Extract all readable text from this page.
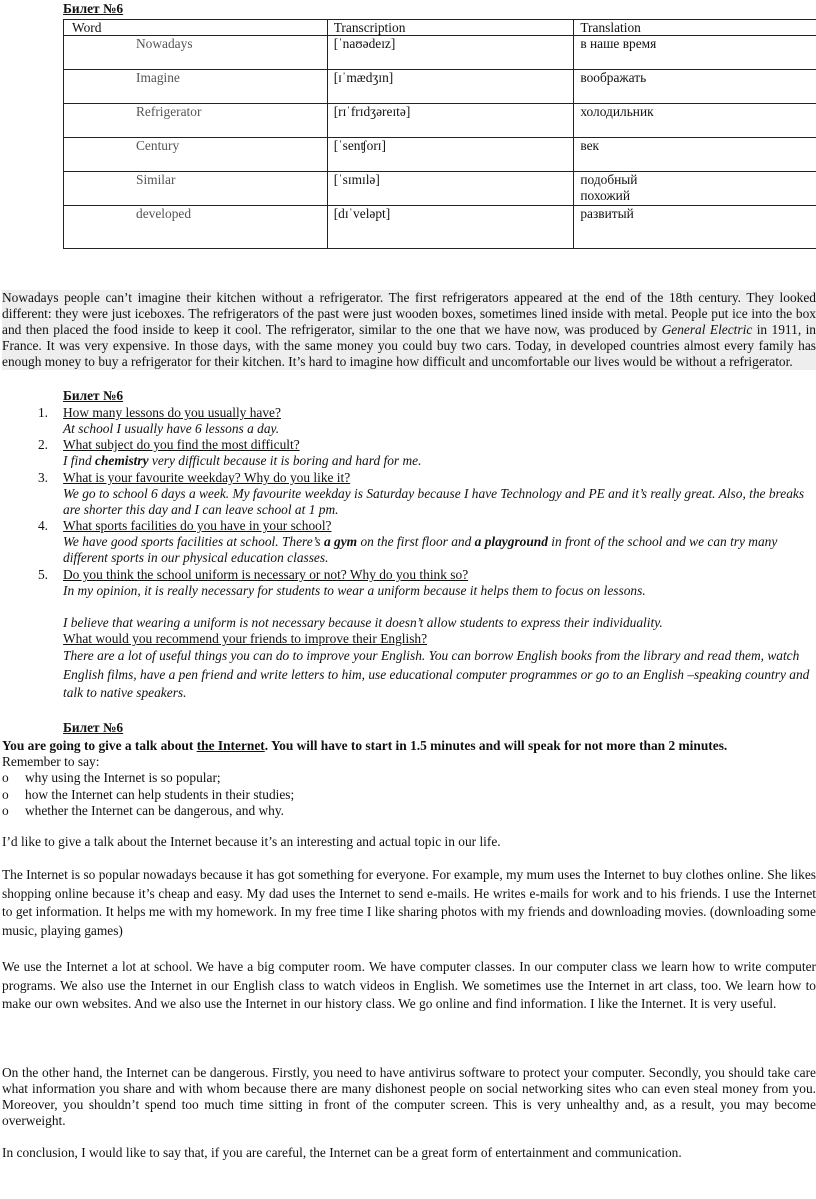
Билет №6
Word	Transcription	Translation
Nowadays	[ˈnaʊədeɪz]	в наше время
Imagine	[ɪˈmædʒɪn]	воображать
Refrigerator	[rɪˈfrɪdʒəreɪtə]	холодильник
Century	[ˈsenʧorɪ]	век
Similar	[ˈsɪmɪlə]	подобный
похожий

developed	[dɪˈveləpt]	развитый
Nowadays people can’t imagine their kitchen without a refrigerator. The first refrigerators appeared at the end of the 18th century. They looked different: they were just iceboxes. The refrigerators of the past were just wooden boxes, sometimes lined inside with metal. People put ice into the box and then placed the food inside to keep it cool. The refrigerator, similar to the one that we have now, was produced by General Electric in 1911, in France. It was very expensive. In those days, with the same money you could buy two cars. Today, in developed countries almost every family has enough money to buy a refrigerator for their kitchen. It’s hard to imagine how difficult and uncomfortable our lives would be without a refrigerator.
Билет №6
1. How many lessons do you usually have?
At school I usually have 6 lessons a day.
2. What subject do you find the most difficult?
I find chemistry very difficult because it is boring and hard for me.
3. What is your favourite weekday? Why do you like it?
We go to school 6 days a week. My favourite weekday is Saturday because I have Technology and PE and it’s really great. Also, the breaks are shorter this day and I can leave school at 1 pm.
4. What sports facilities do you have in your school?
We have good sports facilities at school. There’s a gym on the first floor and a playground in front of the school and we can try many different sports in our physical education classes.
5. Do you think the school uniform is necessary or not? Why do you think so?
In my opinion, it is really necessary for students to wear a uniform because it helps them to focus on lessons.
I believe that wearing a uniform is not necessary because it doesn’t allow students to express their individuality.
What would you recommend your friends to improve their English?
There are a lot of useful things you can do to improve your English. You can borrow English books from the library and read them, watch English films, have a pen friend and write letters to him, use educational computer programmes or go to an English –speaking country and talk to native speakers.
Билет №6
You are going to give a talk about the Internet. You will have to start in 1.5 minutes and will speak for not more than 2 minutes.
Remember to say:
o	why using the Internet is so popular;
o	how the Internet can help students in their studies;
o	whether the Internet can be dangerous, and why.
I’d like to give a talk about the Internet because it’s an interesting and actual topic in our life.
The Internet is so popular nowadays because it has got something for everyone. For example, my mum uses the Internet to buy clothes online. She likes shopping online because it’s cheap and easy. My dad uses the Internet to send e-mails. He writes e-mails for work and to his friends. I use the Internet to get information. It helps me with my homework. In my free time I like sharing photos with my friends and downloading movies. (downloading some music, playing games)
We use the Internet a lot at school. We have a big computer room. We have computer classes. In our computer class we learn how to write computer programs. We also use the Internet in our English class to watch videos in English. We sometimes use the Internet in art class, too. We learn how to make our own websites. And we also use the Internet in our history class. We go online and find information. I like the Internet. It is very useful.
On the other hand, the Internet can be dangerous. Firstly, you need to have antivirus software to protect your computer. Secondly, you should take care what information you share and with whom because there are many dishonest people on social networking sites who can even steal money from you. Moreover, you shouldn’t spend too much time sitting in front of the computer screen. This is very unhealthy and, as a result, you may become overweight.
In conclusion, I would like to say that, if you are careful, the Internet can be a great form of entertainment and communication.
